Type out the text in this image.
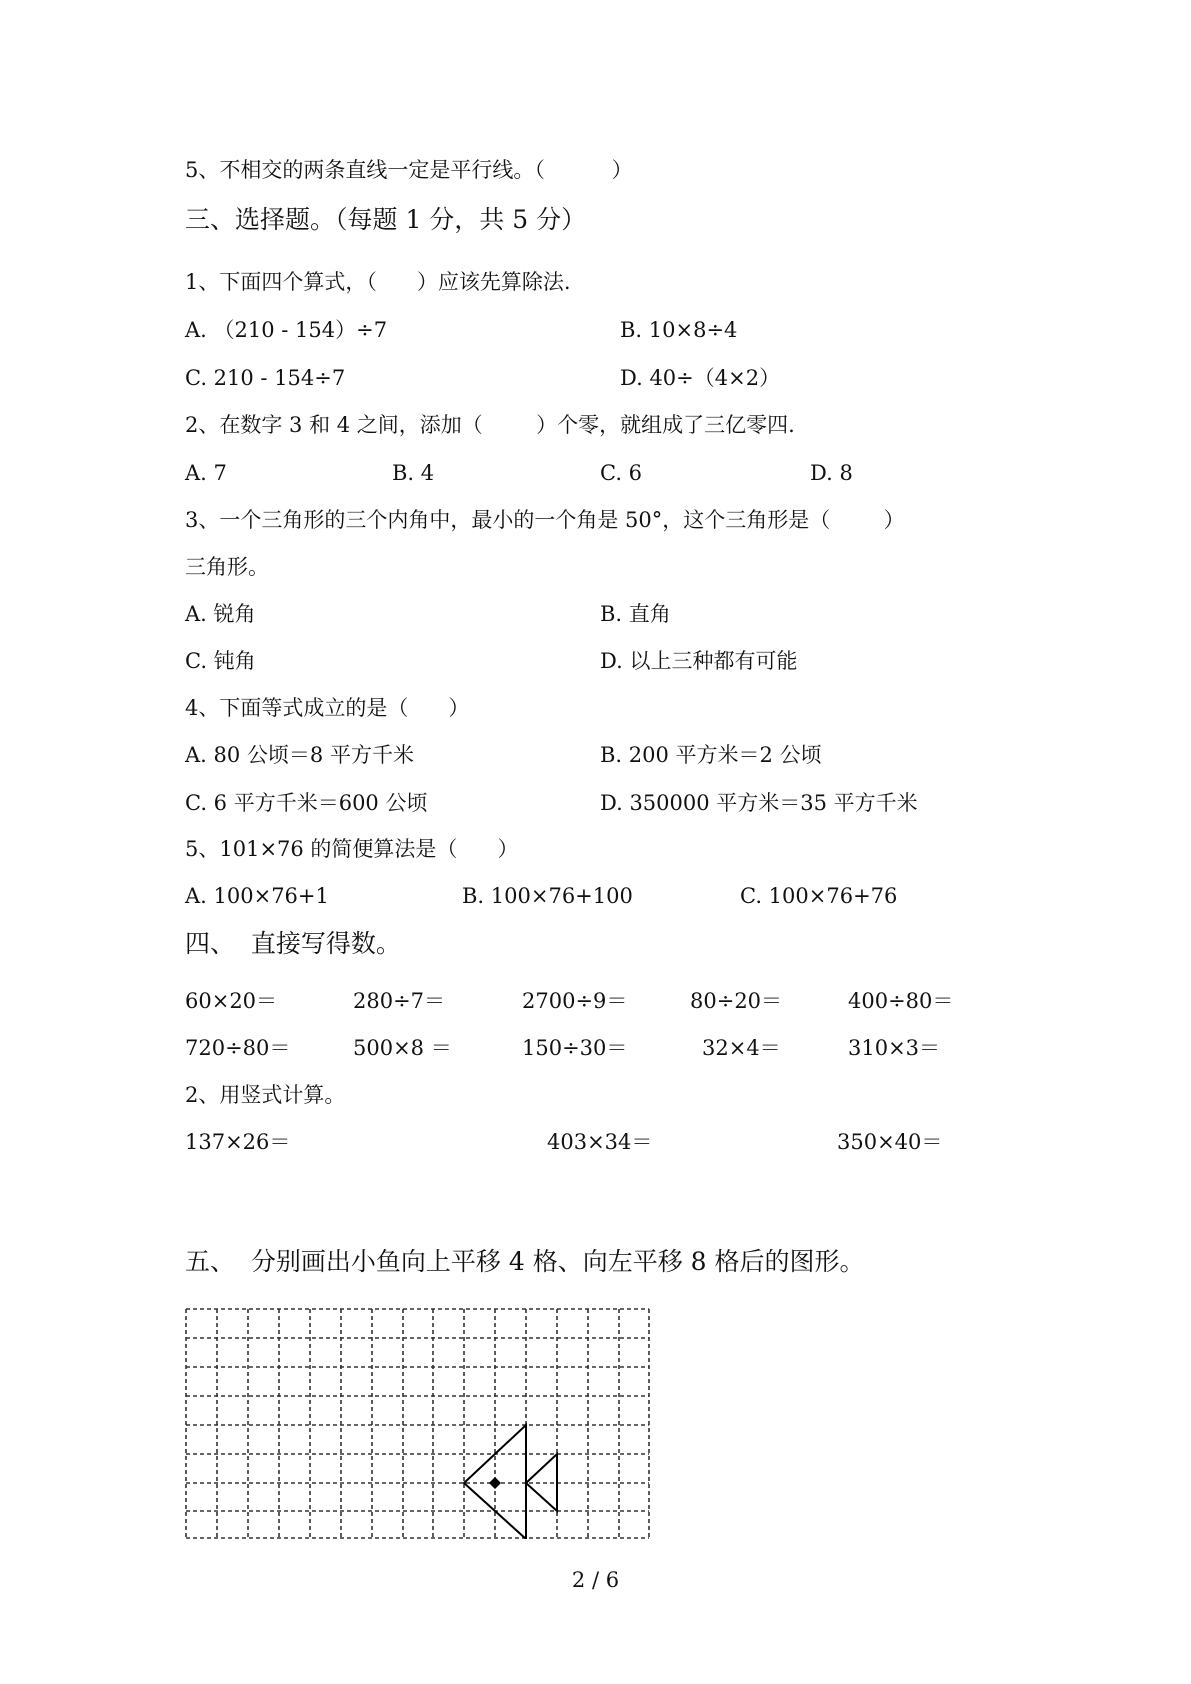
5、不相交的两条直线一定是平行线。（          ）
三、选择题。（每题 1 分，共 5 分）
1、下面四个算式，（      ）应该先算除法.
A. （210 - 154）÷7	B. 10×8÷4
C. 210 - 154÷7	D. 40÷（4×2）
2、在数字 3 和 4 之间，添加（        ）个零，就组成了三亿零四.
A. 7	B. 4	C. 6	D. 8
3、一个三角形的三个内角中，最小的一个角是 50°，这个三角形是（        ）
三角形。
A. 锐角	B. 直角
C. 钝角	D. 以上三种都有可能
4、下面等式成立的是（      ）
A. 80 公顷＝8 平方千米	B. 200 平方米＝2 公顷
C. 6 平方千米＝600 公顷	D. 350000 平方米＝35 平方千米
5、101×76 的简便算法是（      ）
A. 100×76+1	B. 100×76+100	C. 100×76+76
四、  直接写得数。
60×20＝	280÷7＝	2700÷9＝	80÷20＝	400÷80＝
720÷80＝	500×8 ＝	150÷30＝	32×4＝	310×3＝
2、用竖式计算。
137×26＝	403×34＝	350×40＝
五、  分别画出小鱼向上平移 4 格、向左平移 8 格后的图形。
2 / 6
